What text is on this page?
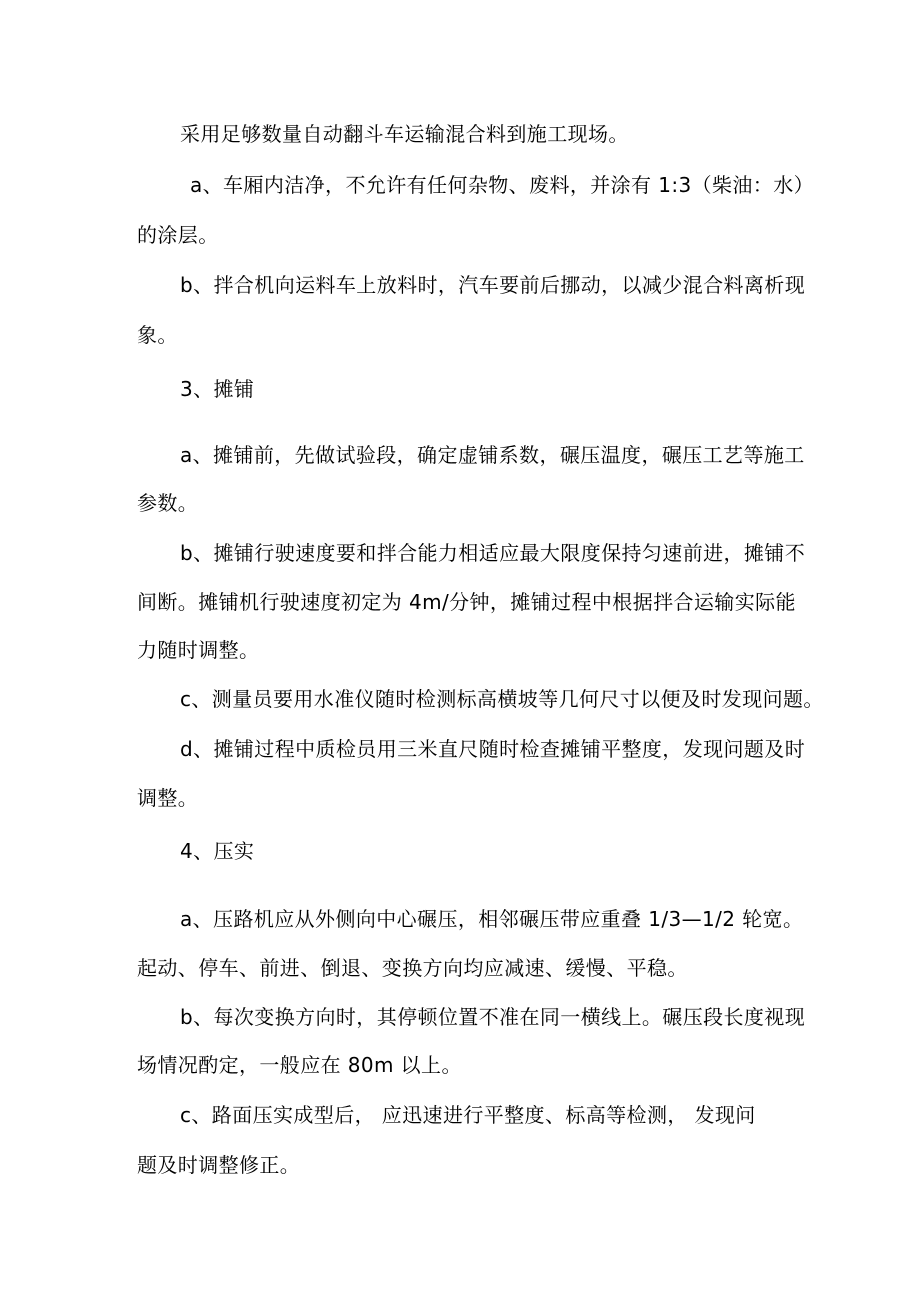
采用足够数量自动翻斗车运输混合料到施工现场。
a、车厢内洁净，不允许有任何杂物、废料，并涂有 1:3（柴油：水）
的涂层。
b、拌合机向运料车上放料时，汽车要前后挪动，以减少混合料离析现
象。
3、摊铺
a、摊铺前，先做试验段，确定虚铺系数，碾压温度，碾压工艺等施工
参数。
b、摊铺行驶速度要和拌合能力相适应最大限度保持匀速前进，摊铺不
间断。摊铺机行驶速度初定为 4m/分钟，摊铺过程中根据拌合运输实际能
力随时调整。
c、测量员要用水准仪随时检测标高横坡等几何尺寸以便及时发现问题。
d、摊铺过程中质检员用三米直尺随时检查摊铺平整度，发现问题及时
调整。
4、压实
a、压路机应从外侧向中心碾压，相邻碾压带应重叠 1/3—1/2 轮宽。
起动、停车、前进、倒退、变换方向均应减速、缓慢、平稳。
b、每次变换方向时，其停顿位置不准在同一横线上。碾压段长度视现
场情况酌定，一般应在 80m 以上。
c、路面压实成型后， 应迅速进行平整度、标高等检测， 发现问
题及时调整修正。
